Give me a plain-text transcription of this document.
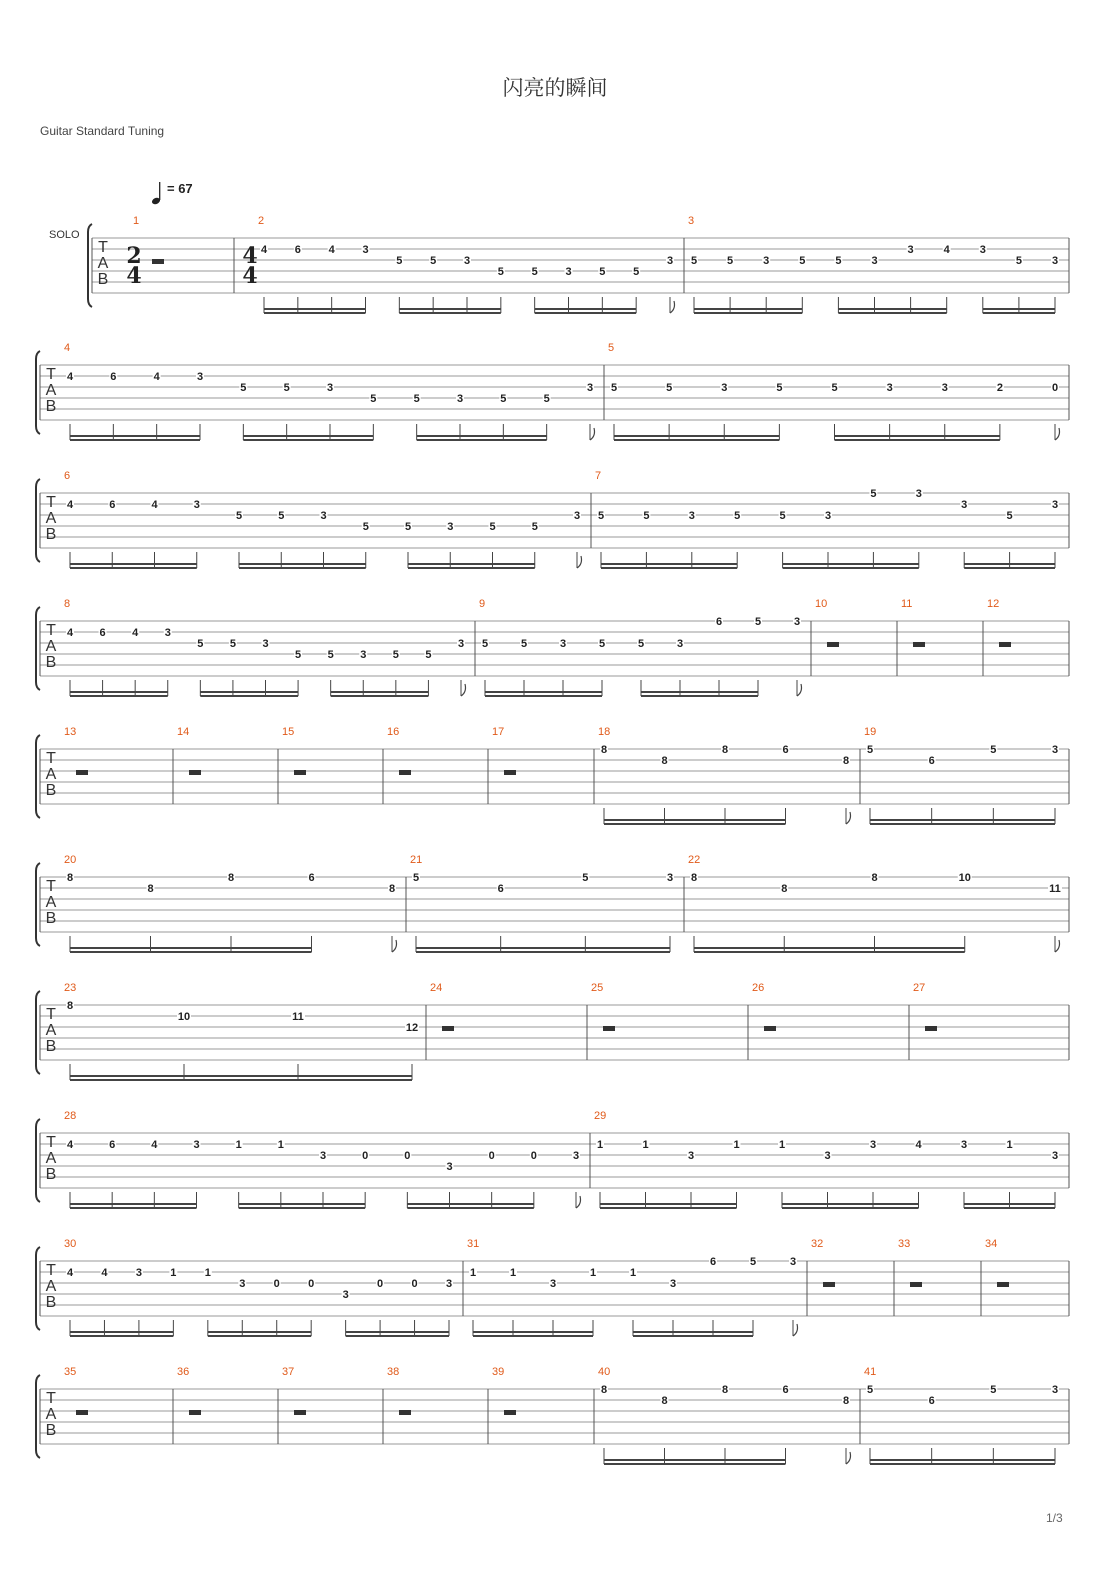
闪亮的瞬间
Guitar Standard Tuning
= 67
SOLO
1/3
T
A
B
2
4
4
4
1	2
4	6	4	3
5	5	3
5	5	3	5	5
3
3
5	5	3	5	5	3
3	4	3
5	3
T
A
B
4
4	6	4	3
5	5	3
5	5	3	5	5
3
5
5	5	3	5	5	3	3	2	0
T
A
B
6
4	6	4	3
5	5	3
5	5	3	5	5
3
7
5	5	3	5	5	3
5	3
3
5
3
T
A
B
8
4 6 4 3
5 5 3
5 5 3 5 5
3
9
5	5	3	5	5	3
6	5	3
10	11	12
T
A
B
13	14	15	16	17	18
8
8
8	6
8
19
5
6
5	3
T
A
B
20
8
8
8	6
8
21
5
6
5	3
22
8
8
8	10
11
T
A
B
23
8
10	11
12
24	25	26	27
T
A
B
28
4	6	4	3	1	1
3	0	0
3
0	0	3
29
1	1
3
1	1
3
3	4	3	1
3
T
A
B
30
4	4	3	1	1
3	0	0
3
0	0	3
31
1	1
3
1	1
3
6	5	3
32	33	34
T
A
B
35	36	37	38	39	40
8
8
8	6
8
41
5
6
5	3
